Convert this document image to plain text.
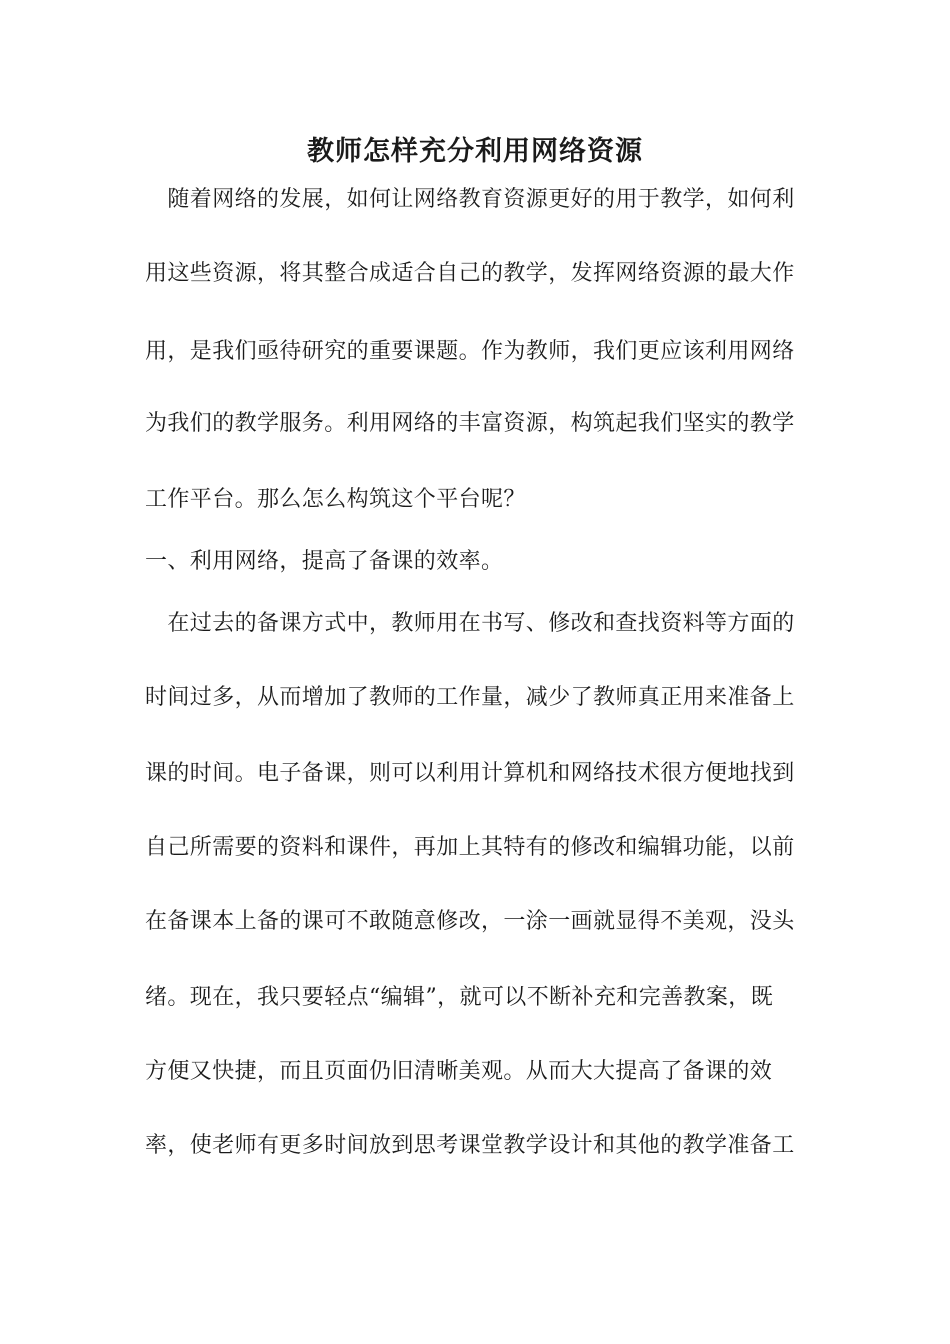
教师怎样充分利用网络资源
　随着网络的发展，如何让网络教育资源更好的用于教学，如何利
用这些资源，将其整合成适合自己的教学，发挥网络资源的最大作
用，是我们亟待研究的重要课题。作为教师，我们更应该利用网络
为我们的教学服务。利用网络的丰富资源，构筑起我们坚实的教学
工作平台。那么怎么构筑这个平台呢？
一、利用网络，提高了备课的效率。
　在过去的备课方式中，教师用在书写、修改和查找资料等方面的
时间过多，从而增加了教师的工作量，减少了教师真正用来准备上
课的时间。电子备课，则可以利用计算机和网络技术很方便地找到
自己所需要的资料和课件，再加上其特有的修改和编辑功能，以前
在备课本上备的课可不敢随意修改，一涂一画就显得不美观，没头
绪。现在，我只要轻点“编辑”，就可以不断补充和完善教案，既
方便又快捷，而且页面仍旧清晰美观。从而大大提高了备课的效
率，使老师有更多时间放到思考课堂教学设计和其他的教学准备工
